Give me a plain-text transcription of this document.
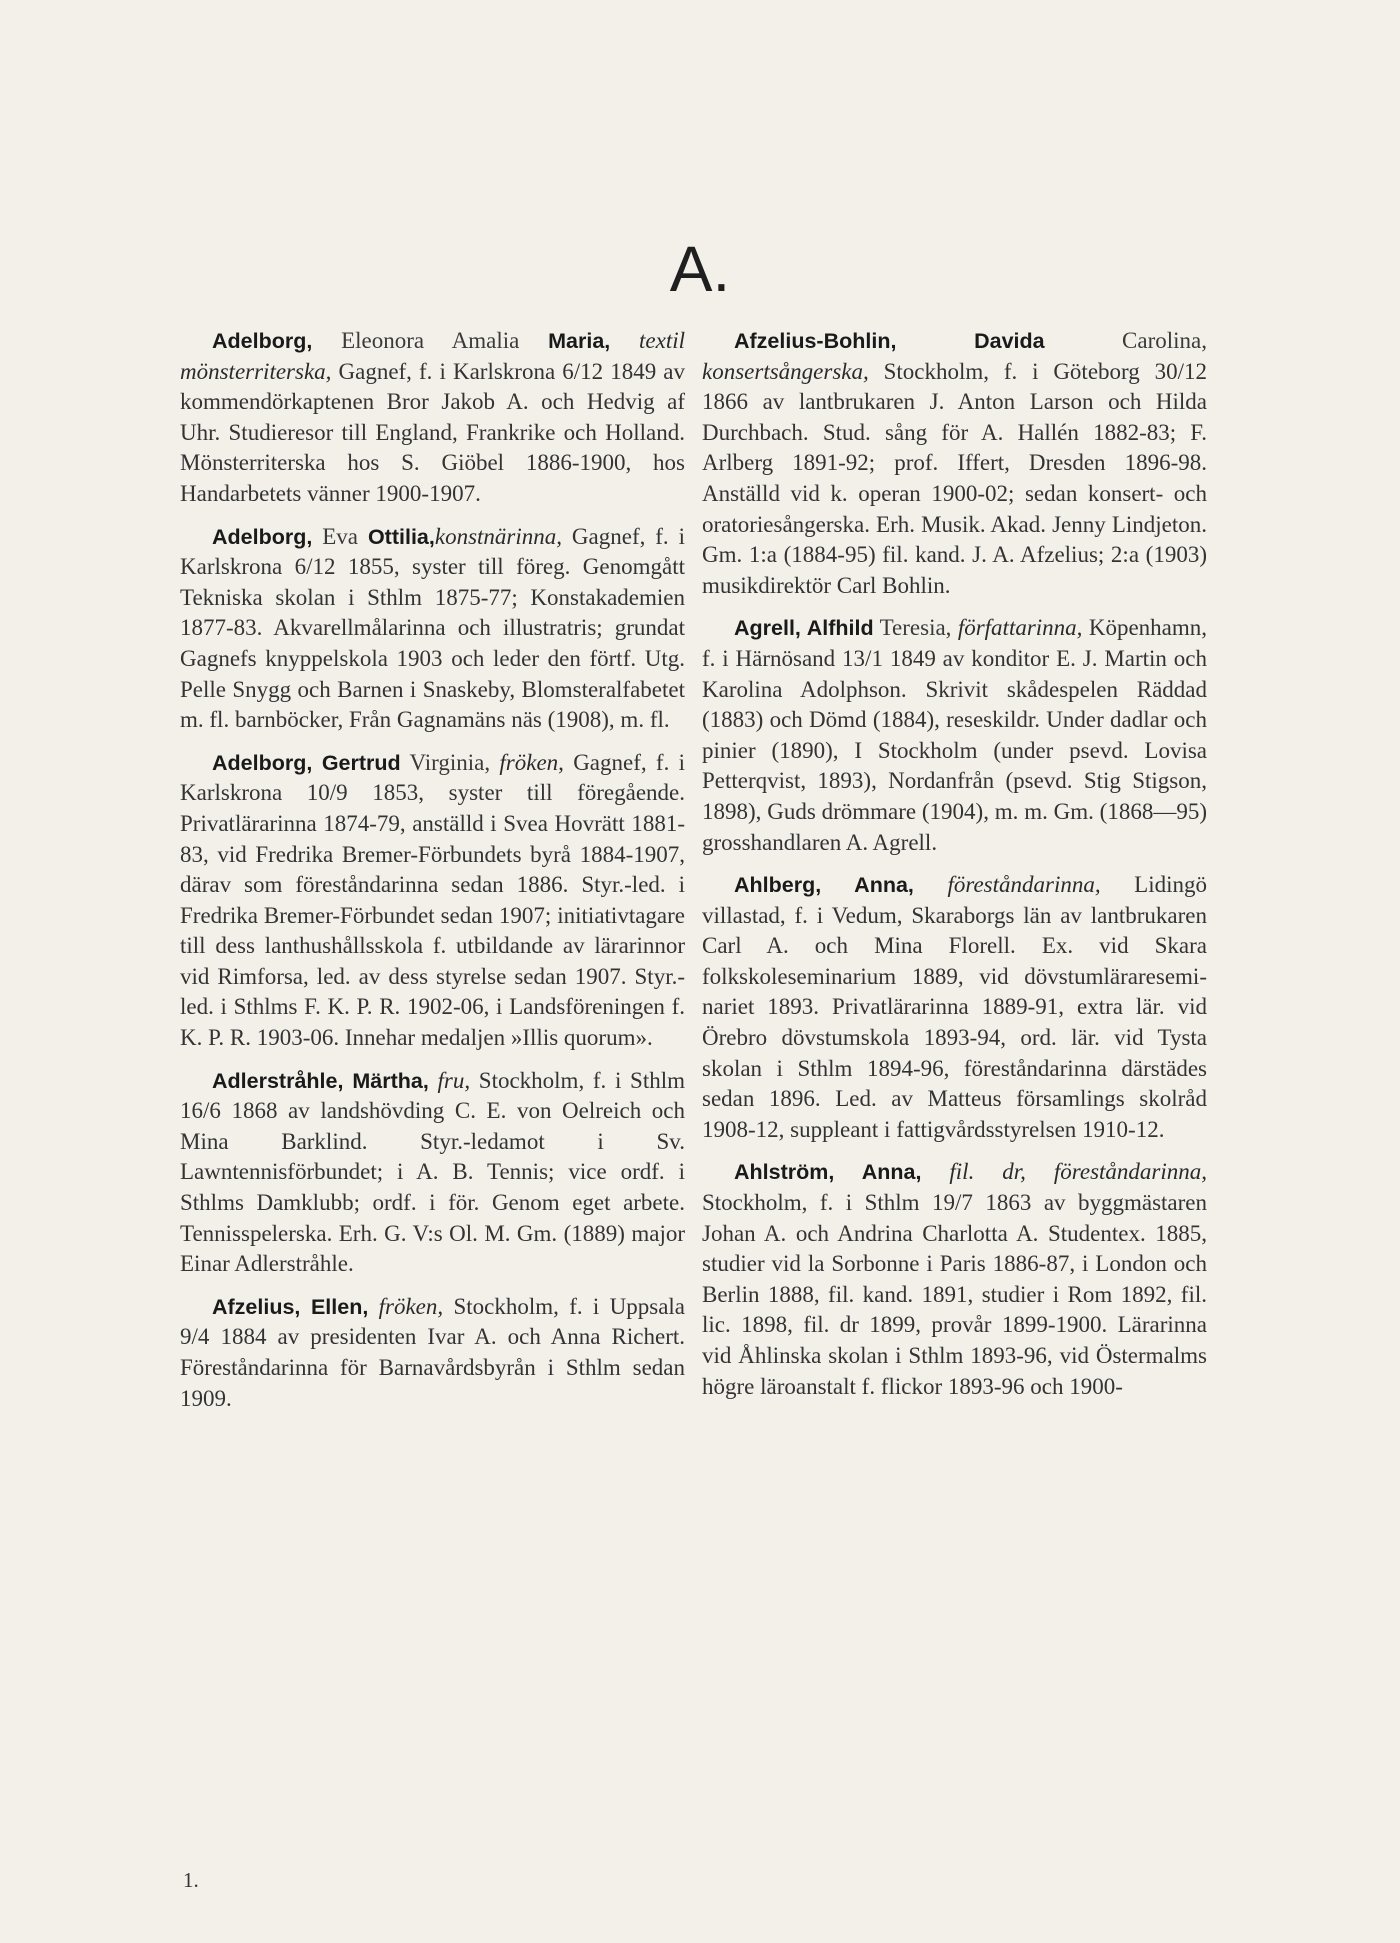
A.

Adelborg, Eleonora Amalia Maria, textil mönsterriterska, Gagnef, f. i Karlskrona 6/12 1849 av kommendörkaptenen Bror Jakob A. och Hedvig af Uhr. Studieresor till England, Frankrike och Holland. Mönsterriterska hos S. Giöbel 1886-1900, hos Handarbetets vänner 1900-1907.

Adelborg, Eva Ottilia,konstnärinna, Gagnef, f. i Karlskrona 6/12 1855, syster till föreg. Genomgått Tekniska skolan i Sthlm 1875-77; Konstakademien 1877-83. Akvarellmålarinna och illustratris; grundat Gagnefs knyppelskola 1903 och leder den förtf. Utg. Pelle Snygg och Barnen i Snaskeby, Blomsteralfabetet m. fl. barnböcker, Från Gagnamäns näs (1908), m. fl.

Adelborg, Gertrud Virginia, fröken, Gagnef, f. i Karlskrona 10/9 1853, syster till föregående. Privatlärarinna 1874-79, anställd i Svea Hovrätt 1881-83, vid Fredrika Bremer-Förbundets byrå 1884-1907, därav som föreståndarinna sedan 1886. Styr.-led. i Fredrika Bremer-Förbundet sedan 1907; initiativtagare till dess lanthushållsskola f. utbildande av lärarinnor vid Rimforsa, led. av dess styrelse sedan 1907. Styr.-led. i Sthlms F. K. P. R. 1902-06, i Landsföreningen f. K. P. R. 1903-06. Innehar medaljen »Illis quorum».

Adlerstråhle, Märtha, fru, Stockholm, f. i Sthlm 16/6 1868 av landshövding C. E. von Oelreich och Mina Barklind. Styr.-ledamot i Sv. Lawntennisförbundet; i A. B. Tennis; vice ordf. i Sthlms Damklubb; ordf. i för. Genom eget arbete. Tennisspelerska. Erh. G. V:s Ol. M. Gm. (1889) major Einar Adlerstråhle.

Afzelius, Ellen, fröken, Stockholm, f. i Uppsala 9/4 1884 av presidenten Ivar A. och Anna Richert. Föreståndarinna för Barnavårdsbyrån i Sthlm sedan 1909.

Afzelius-Bohlin, Davida Carolina, konsertsångerska, Stockholm, f. i Göteborg 30/12 1866 av lantbrukaren J. Anton Larson och Hilda Durchbach. Stud. sång för A. Hallén 1882-83; F. Arlberg 1891-92; prof. Iffert, Dresden 1896-98. Anställd vid k. operan 1900-02; sedan konsert- och oratoriesångerska. Erh. Musik. Akad. Jenny Lindjeton. Gm. 1:a (1884-95) fil. kand. J. A. Afzelius; 2:a (1903) musikdirektör Carl Bohlin.

Agrell, Alfhild Teresia, författarinna, Köpenhamn, f. i Härnösand 13/1 1849 av konditor E. J. Martin och Karolina Adolphson. Skrivit skådespelen Räddad (1883) och Dömd (1884), reseskildr. Under dadlar och pinier (1890), I Stockholm (under psevd. Lovisa Petterqvist, 1893), Nordanfrån (psevd. Stig Stigson, 1898), Guds drömmare (1904), m. m. Gm. (1868—95) grosshandlaren A. Agrell.

Ahlberg, Anna, föreståndarinna, Lidingö villastad, f. i Vedum, Skaraborgs län av lantbrukaren Carl A. och Mina Florell. Ex. vid Skara folkskoleseminarium 1889, vid dövstumlärareseminariet 1893. Privatlärarinna 1889-91, extra lär. vid Örebro dövstumskola 1893-94, ord. lär. vid Tysta skolan i Sthlm 1894-96, föreståndarinna därstädes sedan 1896. Led. av Matteus församlings skolråd 1908-12, suppleant i fattigvårdsstyrelsen 1910-12.

Ahlström, Anna, fil. dr, föreståndarinna, Stockholm, f. i Sthlm 19/7 1863 av byggmästaren Johan A. och Andrina Charlotta A. Studentex. 1885, studier vid la Sorbonne i Paris 1886-87, i London och Berlin 1888, fil. kand. 1891, studier i Rom 1892, fil. lic. 1898, fil. dr 1899, provår 1899-1900. Lärarinna vid Åhlinska skolan i Sthlm 1893-96, vid Östermalms högre läroanstalt f. flickor 1893-96 och 1900-

1.
